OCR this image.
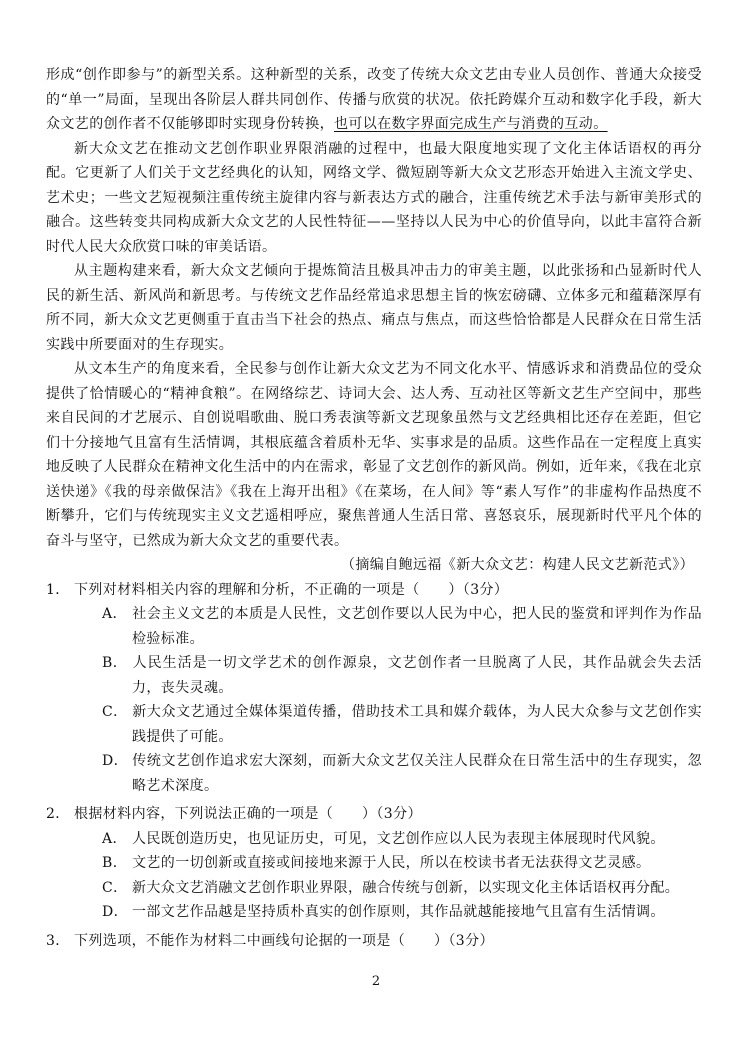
形成“创作即参与”的新型关系。这种新型的关系，改变了传统大众文艺由专业人员创作、普通大众接受的“单一”局面，呈现出各阶层人群共同创作、传播与欣赏的状况。依托跨媒介互动和数字化手段，新大众文艺的创作者不仅能够即时实现身份转换，也可以在数字界面完成生产与消费的互动。

新大众文艺在推动文艺创作职业界限消融的过程中，也最大限度地实现了文化主体话语权的再分配。它更新了人们关于文艺经典化的认知，网络文学、微短剧等新大众文艺形态开始进入主流文学史、艺术史；一些文艺短视频注重传统主旋律内容与新表达方式的融合，注重传统艺术手法与新审美形式的融合。这些转变共同构成新大众文艺的人民性特征——坚持以人民为中心的价值导向，以此丰富符合新时代人民大众欣赏口味的审美话语。

从主题构建来看，新大众文艺倾向于提炼简洁且极具冲击力的审美主题，以此张扬和凸显新时代人民的新生活、新风尚和新思考。与传统文艺作品经常追求思想主旨的恢宏磅礴、立体多元和蕴藉深厚有所不同，新大众文艺更侧重于直击当下社会的热点、痛点与焦点，而这些恰恰都是人民群众在日常生活实践中所要面对的生存现实。

从文本生产的角度来看，全民参与创作让新大众文艺为不同文化水平、情感诉求和消费品位的受众提供了恰情暖心的“精神食粮”。在网络综艺、诗词大会、达人秀、互动社区等新文艺生产空间中，那些来自民间的才艺展示、自创说唱歌曲、脱口秀表演等新文艺现象虽然与文艺经典相比还存在差距，但它们十分接地气且富有生活情调，其根底蕴含着质朴无华、实事求是的品质。这些作品在一定程度上真实地反映了人民群众在精神文化生活中的内在需求，彰显了文艺创作的新风尚。例如，近年来，《我在北京送快递》《我的母亲做保洁》《我在上海开出租》《在菜场，在人间》等“素人写作”的非虚构作品热度不断攀升，它们与传统现实主义文艺遥相呼应，聚焦普通人生活日常、喜怒哀乐，展现新时代平凡个体的奋斗与坚守，已然成为新大众文艺的重要代表。

（摘编自鲍远福《新大众文艺：构建人民文艺新范式》）

1． 下列对材料相关内容的理解和分析，不正确的一项是（　　）（3分）

A． 社会主义文艺的本质是人民性，文艺创作要以人民为中心，把人民的鉴赏和评判作为作品检验标准。
B． 人民生活是一切文学艺术的创作源泉，文艺创作者一旦脱离了人民，其作品就会失去活力，丧失灵魂。
C． 新大众文艺通过全媒体渠道传播，借助技术工具和媒介载体，为人民大众参与文艺创作实践提供了可能。
D． 传统文艺创作追求宏大深刻，而新大众文艺仅关注人民群众在日常生活中的生存现实，忽略艺术深度。

2． 根据材料内容，下列说法正确的一项是（　　）（3分）

A． 人民既创造历史，也见证历史，可见，文艺创作应以人民为表现主体展现时代风貌。
B． 文艺的一切创新或直接或间接地来源于人民，所以在校读书者无法获得文艺灵感。
C． 新大众文艺消融文艺创作职业界限，融合传统与创新，以实现文化主体话语权再分配。
D． 一部文艺作品越是坚持质朴真实的创作原则，其作品就越能接地气且富有生活情调。

3． 下列选项，不能作为材料二中画线句论据的一项是（　　）（3分）

2
